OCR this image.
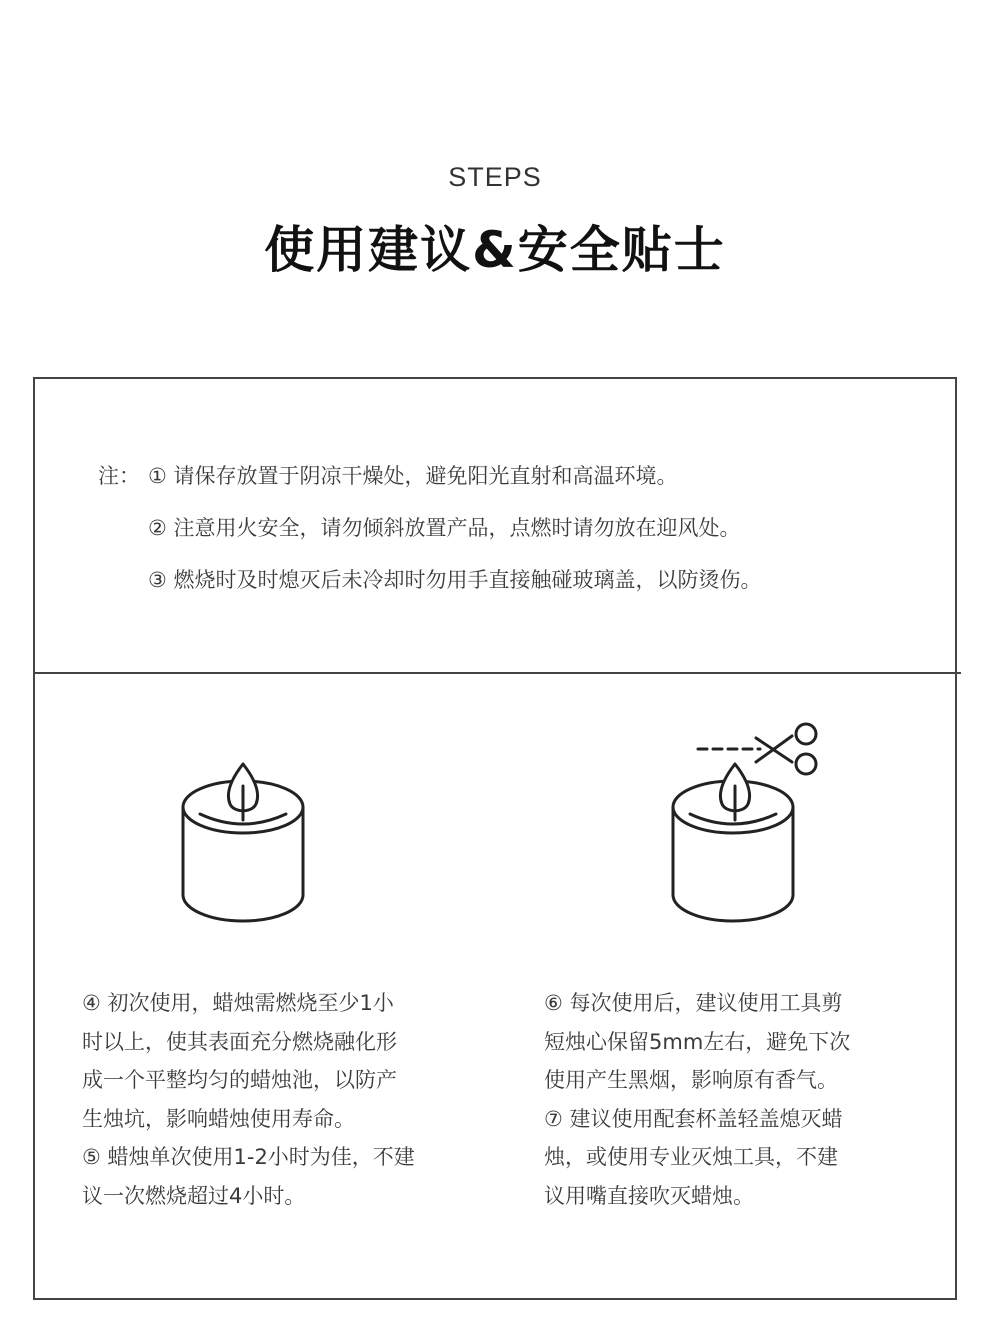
STEPS
使用建议&安全贴士
注： ① 请保存放置于阴凉干燥处，避免阳光直射和高温环境。
② 注意用火安全，请勿倾斜放置产品，点燃时请勿放在迎风处。
③ 燃烧时及时熄灭后未冷却时勿用手直接触碰玻璃盖，以防烫伤。

④ 初次使用，蜡烛需燃烧至少1小

时以上，使其表面充分燃烧融化形

成一个平整均匀的蜡烛池，以防产

生烛坑，影响蜡烛使用寿命。

⑤ 蜡烛单次使用1-2小时为佳，不建

议一次燃烧超过4小时。

⑥ 每次使用后，建议使用工具剪

短烛心保留5mm左右，避免下次

使用产生黑烟，影响原有香气。

⑦ 建议使用配套杯盖轻盖熄灭蜡

烛，或使用专业灭烛工具，不建

议用嘴直接吹灭蜡烛。
